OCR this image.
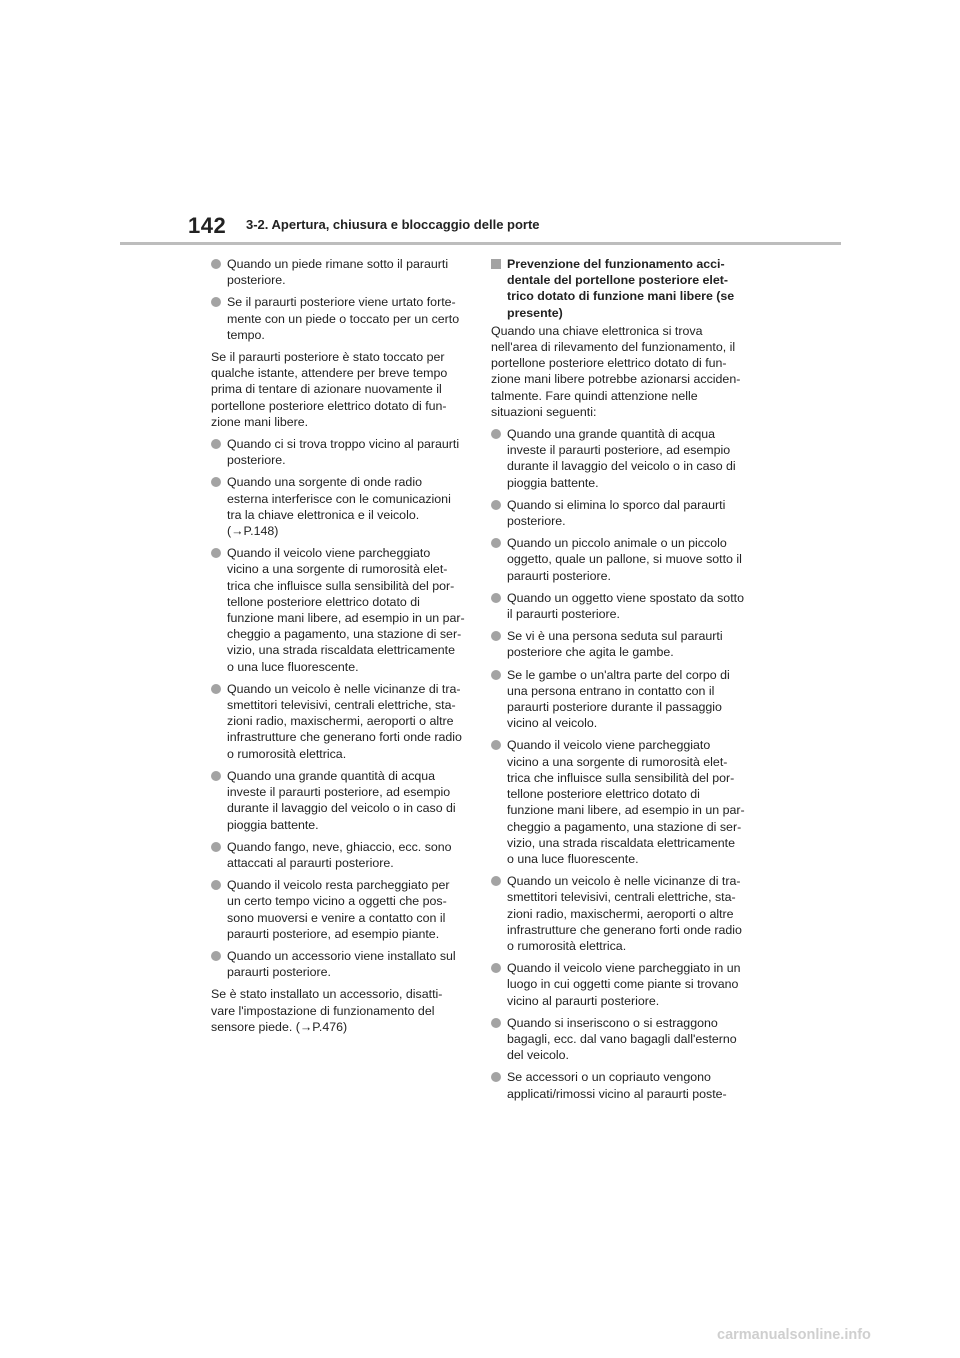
142 3-2. Apertura, chiusura e bloccaggio delle porte
Quando un piede rimane sotto il paraurti
posteriore.
Se il paraurti posteriore viene urtato forte-
mente con un piede o toccato per un certo
tempo.
Se il paraurti posteriore è stato toccato per
qualche istante, attendere per breve tempo
prima di tentare di azionare nuovamente il
portellone posteriore elettrico dotato di fun-
zione mani libere.
Quando ci si trova troppo vicino al paraurti
posteriore.
Quando una sorgente di onde radio
esterna interferisce con le comunicazioni
tra la chiave elettronica e il veicolo.
(→P.148)
Quando il veicolo viene parcheggiato
vicino a una sorgente di rumorosità elet-
trica che influisce sulla sensibilità del por-
tellone posteriore elettrico dotato di
funzione mani libere, ad esempio in un par-
cheggio a pagamento, una stazione di ser-
vizio, una strada riscaldata elettricamente
o una luce fluorescente.
Quando un veicolo è nelle vicinanze di tra-
smettitori televisivi, centrali elettriche, sta-
zioni radio, maxischermi, aeroporti o altre
infrastrutture che generano forti onde radio
o rumorosità elettrica.
Quando una grande quantità di acqua
investe il paraurti posteriore, ad esempio
durante il lavaggio del veicolo o in caso di
pioggia battente.
Quando fango, neve, ghiaccio, ecc. sono
attaccati al paraurti posteriore.
Quando il veicolo resta parcheggiato per
un certo tempo vicino a oggetti che pos-
sono muoversi e venire a contatto con il
paraurti posteriore, ad esempio piante.
Quando un accessorio viene installato sul
paraurti posteriore.
Se è stato installato un accessorio, disatti-
vare l'impostazione di funzionamento del
sensore piede. (→P.476)
Prevenzione del funzionamento acci-
dentale del portellone posteriore elet-
trico dotato di funzione mani libere (se
presente)
Quando una chiave elettronica si trova
nell'area di rilevamento del funzionamento, il
portellone posteriore elettrico dotato di fun-
zione mani libere potrebbe azionarsi acciden-
talmente. Fare quindi attenzione nelle
situazioni seguenti:
Quando una grande quantità di acqua
investe il paraurti posteriore, ad esempio
durante il lavaggio del veicolo o in caso di
pioggia battente.
Quando si elimina lo sporco dal paraurti
posteriore.
Quando un piccolo animale o un piccolo
oggetto, quale un pallone, si muove sotto il
paraurti posteriore.
Quando un oggetto viene spostato da sotto
il paraurti posteriore.
Se vi è una persona seduta sul paraurti
posteriore che agita le gambe.
Se le gambe o un'altra parte del corpo di
una persona entrano in contatto con il
paraurti posteriore durante il passaggio
vicino al veicolo.
Quando il veicolo viene parcheggiato
vicino a una sorgente di rumorosità elet-
trica che influisce sulla sensibilità del por-
tellone posteriore elettrico dotato di
funzione mani libere, ad esempio in un par-
cheggio a pagamento, una stazione di ser-
vizio, una strada riscaldata elettricamente
o una luce fluorescente.
Quando un veicolo è nelle vicinanze di tra-
smettitori televisivi, centrali elettriche, sta-
zioni radio, maxischermi, aeroporti o altre
infrastrutture che generano forti onde radio
o rumorosità elettrica.
Quando il veicolo viene parcheggiato in un
luogo in cui oggetti come piante si trovano
vicino al paraurti posteriore.
Quando si inseriscono o si estraggono
bagagli, ecc. dal vano bagagli dall'esterno
del veicolo.
Se accessori o un copriauto vengono
applicati/rimossi vicino al paraurti poste-
carmanualsonline.info
